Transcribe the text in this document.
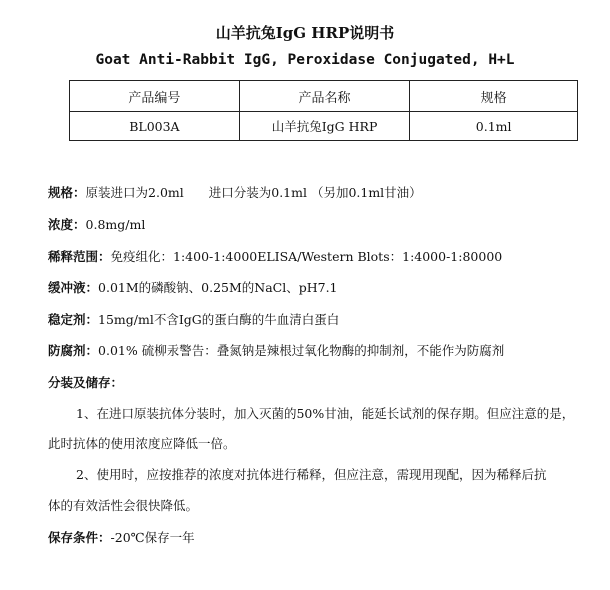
山羊抗兔IgG HRP说明书
Goat Anti-Rabbit IgG, Peroxidase Conjugated, H+L
产品编号	产品名称	规格
BL003A	山羊抗兔IgG HRP	0.1ml
规格：原装进口为2.0ml　　进口分装为0.1ml （另加0.1ml甘油）
浓度：0.8mg/ml
稀释范围：免疫组化：1:400-1:4000ELISA/Western Blots：1:4000-1:80000
缓冲液：0.01M的磷酸钠、0.25M的NaCl、pH7.1
稳定剂：15mg/ml不含IgG的蛋白酶的牛血清白蛋白
防腐剂：0.01% 硫柳汞警告：叠氮钠是辣根过氧化物酶的抑制剂，不能作为防腐剂
分装及储存：
1、在进口原装抗体分装时，加入灭菌的50%甘油，能延长试剂的保存期。但应注意的是，
此时抗体的使用浓度应降低一倍。
2、使用时，应按推荐的浓度对抗体进行稀释，但应注意，需现用现配，因为稀释后抗
体的有效活性会很快降低。
保存条件：-20℃保存一年
